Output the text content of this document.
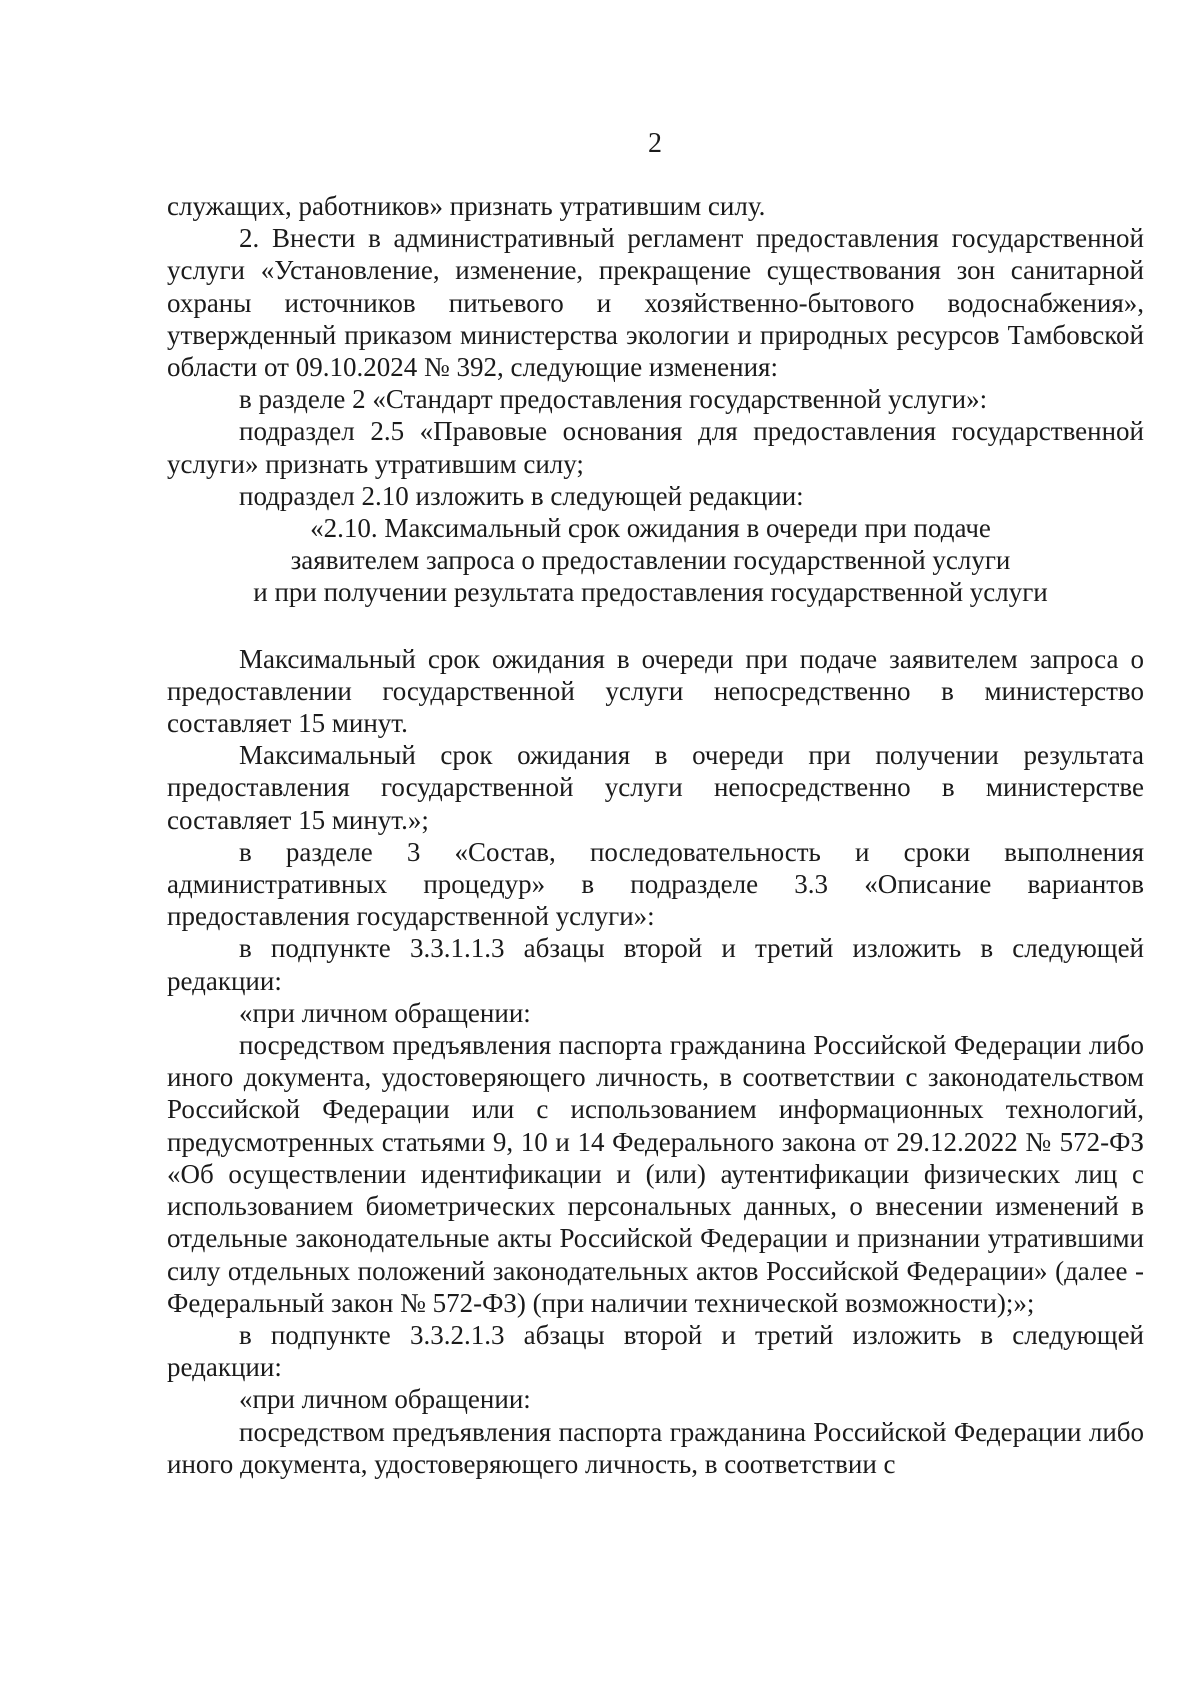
2

служащих, работников» признать утратившим силу.

2. Внести в административный регламент предоставления государственной услуги «Установление, изменение, прекращение существования зон санитарной охраны источников питьевого и хозяйственно-бытового водоснабжения», утвержденный приказом министерства экологии и природных ресурсов Тамбовской области от 09.10.2024 № 392, следующие изменения:

в разделе 2 «Стандарт предоставления государственной услуги»:

подраздел 2.5 «Правовые основания для предоставления государственной услуги» признать утратившим силу;

подраздел 2.10 изложить в следующей редакции:

«2.10. Максимальный срок ожидания в очереди при подаче

заявителем запроса о предоставлении государственной услуги

и при получении результата предоставления государственной услуги

Максимальный срок ожидания в очереди при подаче заявителем запроса о предоставлении государственной услуги непосредственно в министерство составляет 15 минут.

Максимальный срок ожидания в очереди при получении результата предоставления государственной услуги непосредственно в министерстве составляет 15 минут.»;

в разделе 3 «Состав, последовательность и сроки выполнения административных процедур» в подразделе 3.3 «Описание вариантов предоставления государственной услуги»:

в подпункте 3.3.1.1.3 абзацы второй и третий изложить в следующей редакции:

«при личном обращении:

посредством предъявления паспорта гражданина Российской Федерации либо иного документа, удостоверяющего личность, в соответствии с законодательством Российской Федерации или с использованием информационных технологий, предусмотренных статьями 9, 10 и 14 Федерального закона от 29.12.2022 № 572-ФЗ «Об осуществлении идентификации и (или) аутентификации физических лиц с использованием биометрических персональных данных, о внесении изменений в отдельные законодательные акты Российской Федерации и признании утратившими силу отдельных положений законодательных актов Российской Федерации» (далее - Федеральный закон № 572-ФЗ) (при наличии технической возможности);»;

в подпункте 3.3.2.1.3 абзацы второй и третий изложить в следующей редакции:

«при личном обращении:

посредством предъявления паспорта гражданина Российской Федерации либо иного документа, удостоверяющего личность, в соответствии с
